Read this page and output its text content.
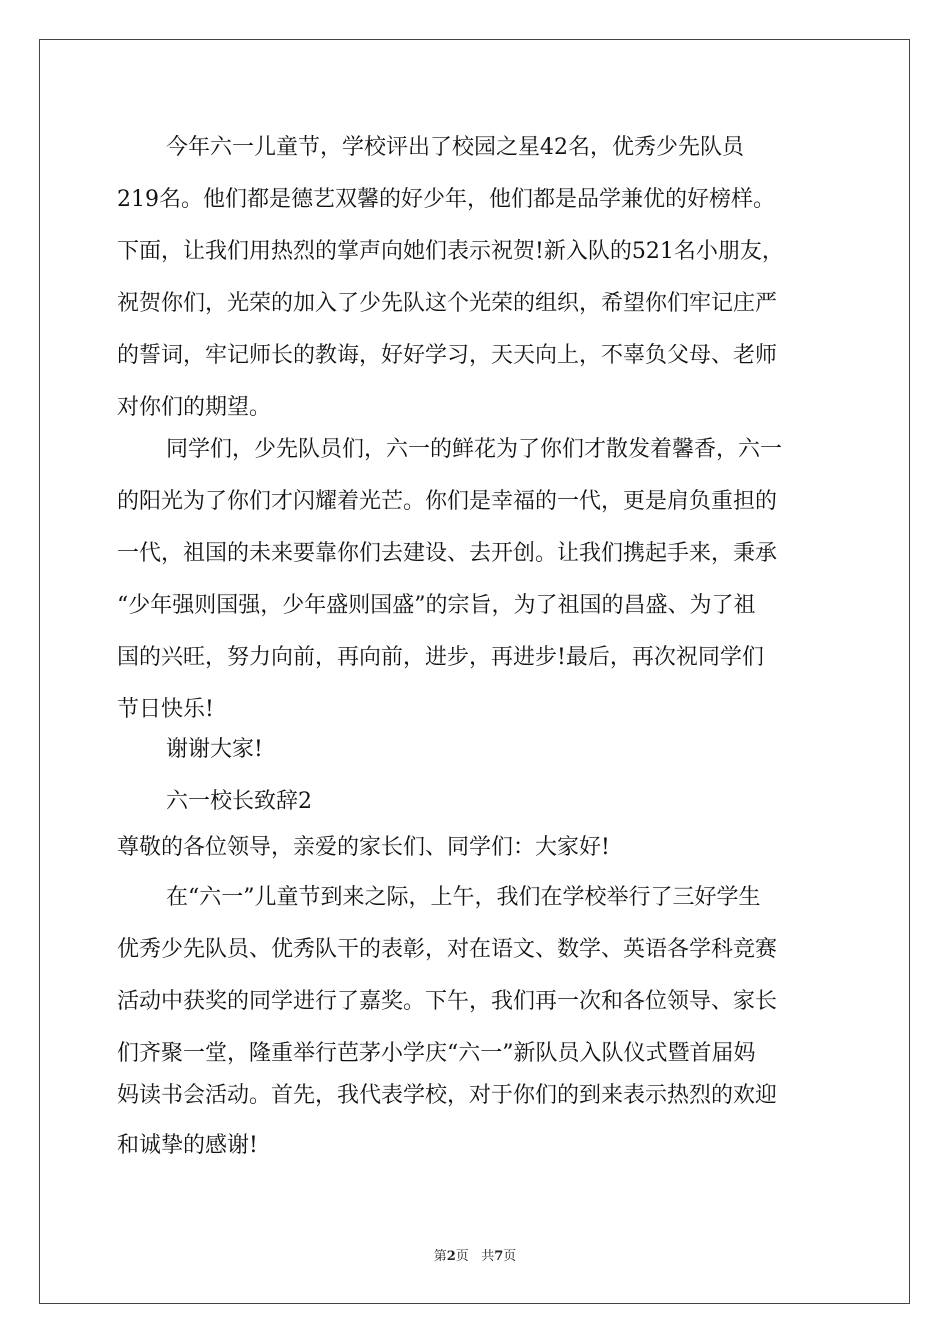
今年六一儿童节，学校评出了校园之星42名，优秀少先队员
219名。他们都是德艺双馨的好少年，他们都是品学兼优的好榜样。
下面，让我们用热烈的掌声向她们表示祝贺!新入队的521名小朋友，
祝贺你们，光荣的加入了少先队这个光荣的组织，希望你们牢记庄严
的誓词，牢记师长的教诲，好好学习，天天向上，不辜负父母、老师
对你们的期望。
同学们，少先队员们，六一的鲜花为了你们才散发着馨香，六一
的阳光为了你们才闪耀着光芒。你们是幸福的一代，更是肩负重担的
一代，祖国的未来要靠你们去建设、去开创。让我们携起手来，秉承
“少年强则国强，少年盛则国盛”的宗旨，为了祖国的昌盛、为了祖
国的兴旺，努力向前，再向前，进步，再进步!最后，再次祝同学们
节日快乐!
谢谢大家!
六一校长致辞2
尊敬的各位领导，亲爱的家长们、同学们：大家好!
在“六一”儿童节到来之际，上午，我们在学校举行了三好学生
优秀少先队员、优秀队干的表彰，对在语文、数学、英语各学科竞赛
活动中获奖的同学进行了嘉奖。下午，我们再一次和各位领导、家长
们齐聚一堂，隆重举行芭茅小学庆“六一”新队员入队仪式暨首届妈
妈读书会活动。首先，我代表学校，对于你们的到来表示热烈的欢迎
和诚挚的感谢!
第2页 共7页
